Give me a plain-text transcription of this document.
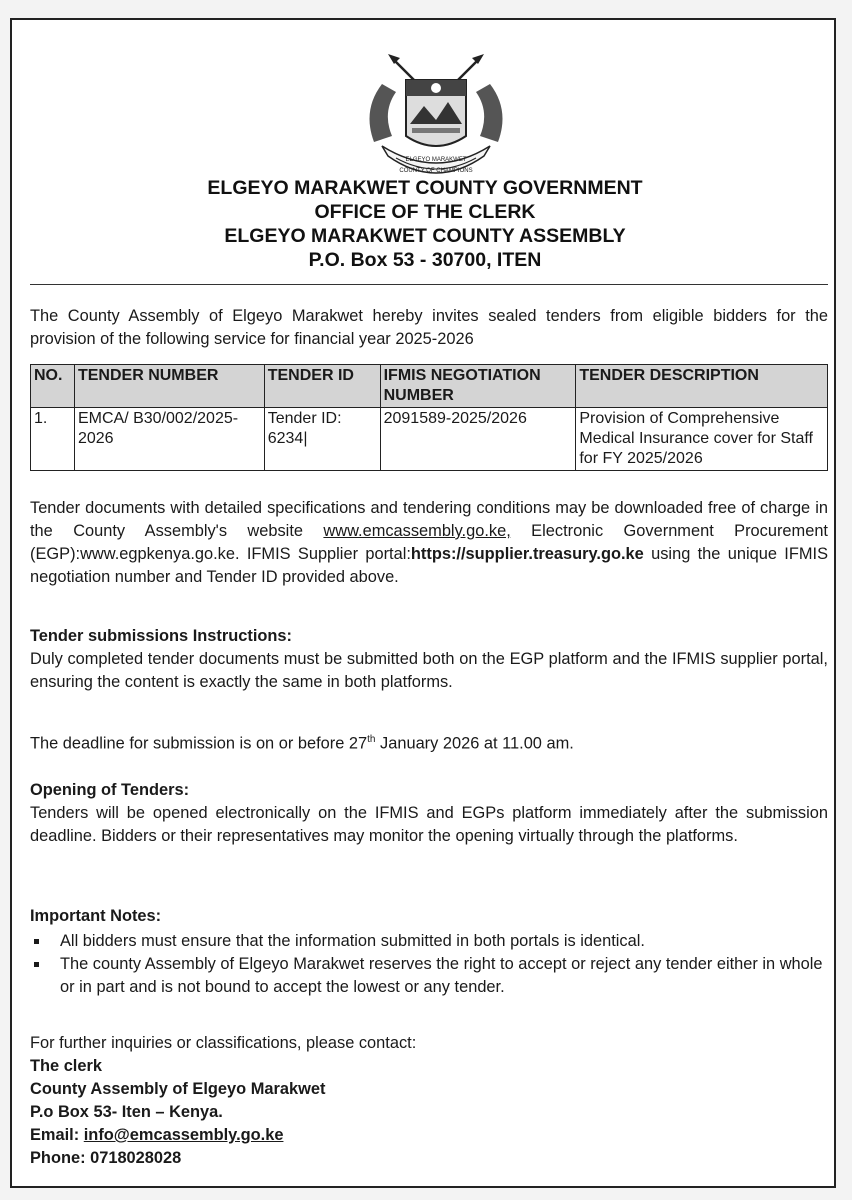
ELGEYO MARAKWET
COUNTY OF CHAMPIONS
ELGEYO MARAKWET COUNTY GOVERNMENT
OFFICE OF THE CLERK
ELGEYO MARAKWET COUNTY ASSEMBLY
P.O. Box 53 - 30700, ITEN
The County Assembly of Elgeyo Marakwet hereby invites sealed tenders from eligible bidders for the provision of the following service for financial year 2025-2026
NO.	TENDER NUMBER	TENDER ID	IFMIS NEGOTIATION NUMBER	TENDER DESCRIPTION
1.	EMCA/ B30/002/2025-2026	Tender ID: 6234|	2091589-2025/2026	Provision of Comprehensive Medical Insurance cover for Staff for FY 2025/2026
Tender documents with detailed specifications and tendering conditions may be downloaded free of charge in the County Assembly's website www.emcassembly.go.ke, Electronic Government Procurement (EGP):www.egpkenya.go.ke. IFMIS Supplier portal:https://supplier.treasury.go.ke using the unique IFMIS negotiation number and Tender ID provided above.
Tender submissions Instructions:
Duly completed tender documents must be submitted both on the EGP platform and the IFMIS supplier portal, ensuring the content is exactly the same in both platforms.
The deadline for submission is on or before 27th January 2026 at 11.00 am.
Opening of Tenders:
Tenders will be opened electronically on the IFMIS and EGPs platform immediately after the submission deadline. Bidders or their representatives may monitor the opening virtually through the platforms.
Important Notes:
All bidders must ensure that the information submitted in both portals is identical.
The county Assembly of Elgeyo Marakwet reserves the right to accept or reject any tender either in whole or in part and is not bound to accept the lowest or any tender.
For further inquiries or classifications, please contact:
The clerk
County Assembly of Elgeyo Marakwet
P.o Box 53- Iten – Kenya.
Email: info@emcassembly.go.ke
Phone: 0718028028
